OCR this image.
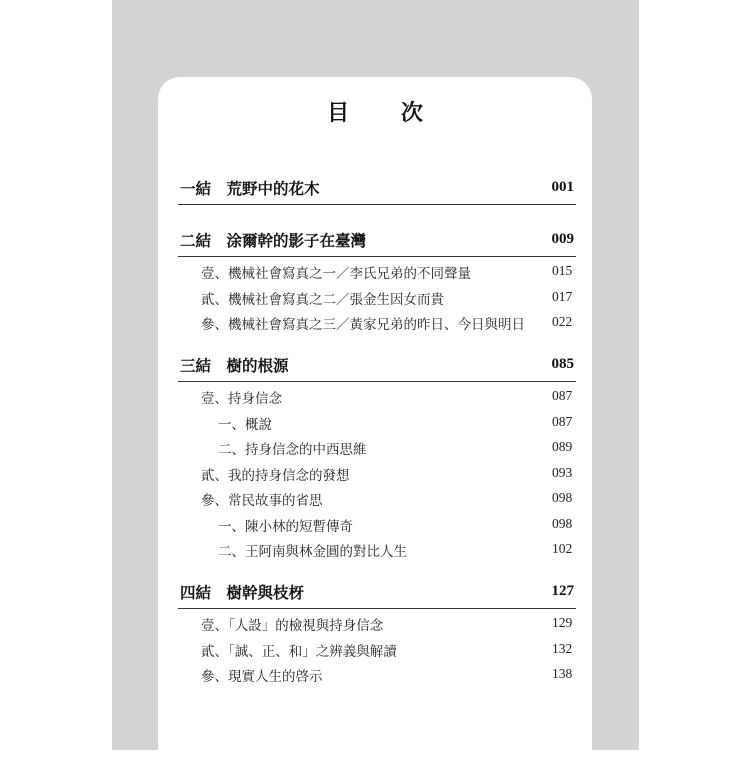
目 次
一結　荒野中的花木	001
二結　涂爾幹的影子在臺灣	009
壹、機械社會寫真之一／李氏兄弟的不同聲量	015
貳、機械社會寫真之二／張金生因女而貴	017
參、機械社會寫真之三／黃家兄弟的昨日、今日與明日 022
三結　樹的根源	085
壹、持身信念	087
一、概說	087
二、持身信念的中西思維	089
貳、我的持身信念的發想	093
參、常民故事的省思	098
一、陳小林的短暫傳奇	098
二、王阿南與林金圓的對比人生	102
四結　樹幹與枝枒	127
壹、「人設」的檢視與持身信念	129
貳、「誠、正、和」之辨義與解讀	132
參、現實人生的啓示	138
